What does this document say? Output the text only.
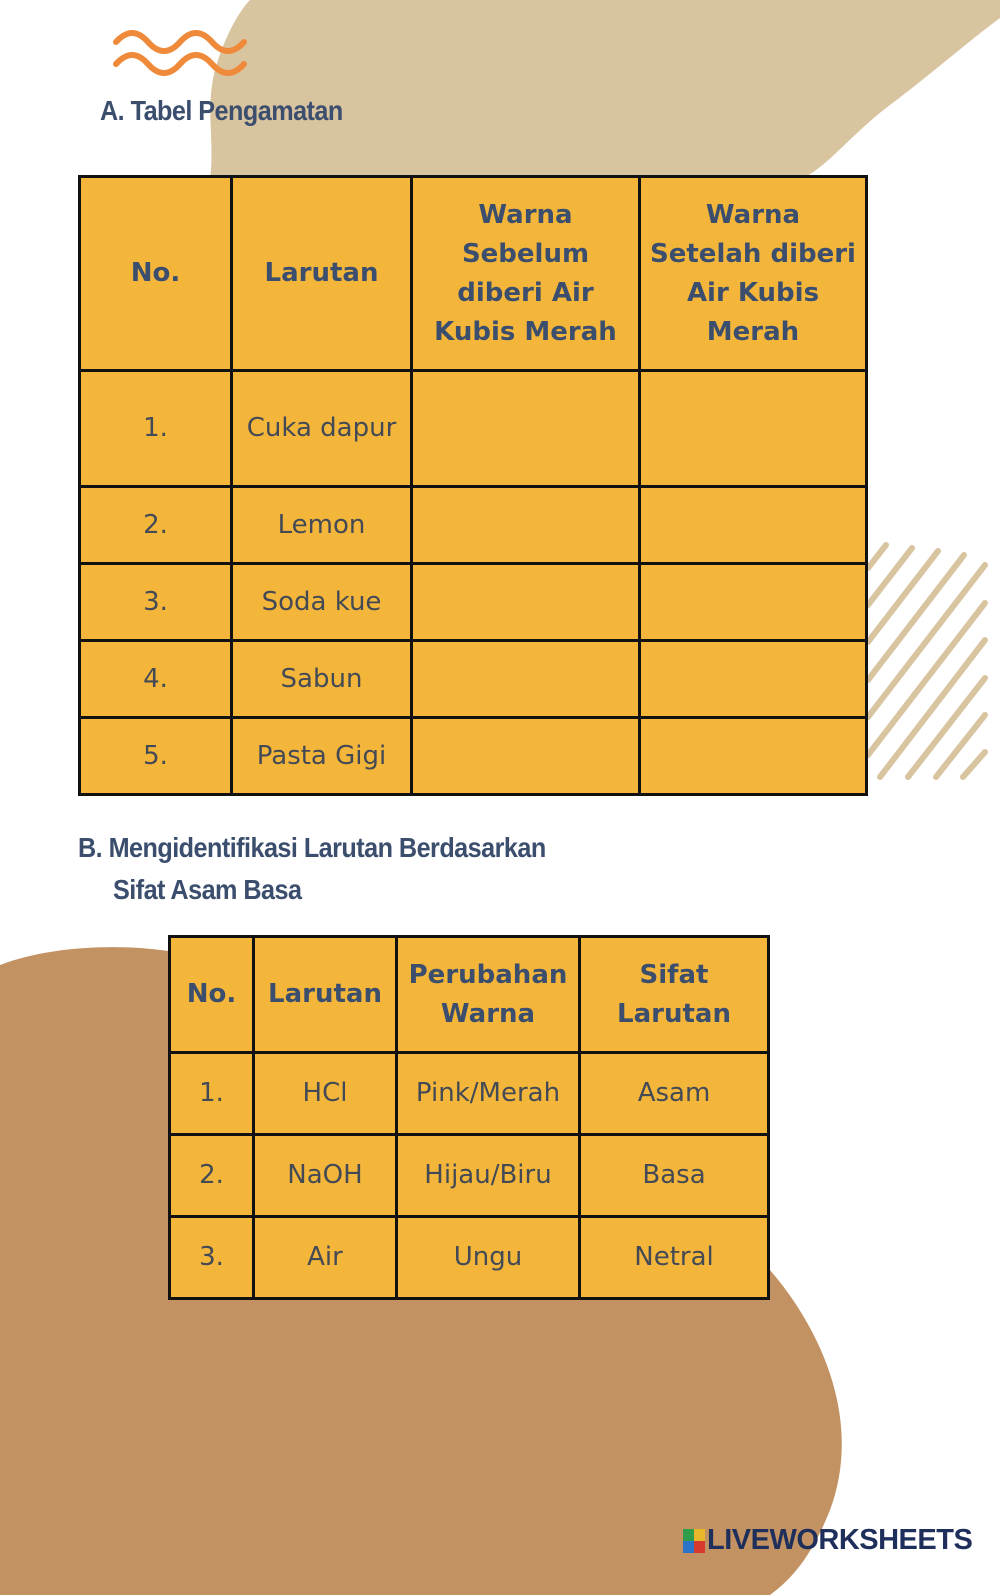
A. Tabel Pengamatan
No.	Larutan	Warna Sebelum diberi Air Kubis Merah	Warna Setelah diberi Air Kubis Merah
1.	Cuka dapur		
2.	Lemon		
3.	Soda kue		
4.	Sabun		
5.	Pasta Gigi		
B. Mengidentifikasi Larutan Berdasarkan
Sifat Asam Basa
No.	Larutan	Perubahan Warna	Sifat Larutan
1.	HCl	Pink/Merah	Asam
2.	NaOH	Hijau/Biru	Basa
3.	Air	Ungu	Netral
LIVEWORKSHEETS
